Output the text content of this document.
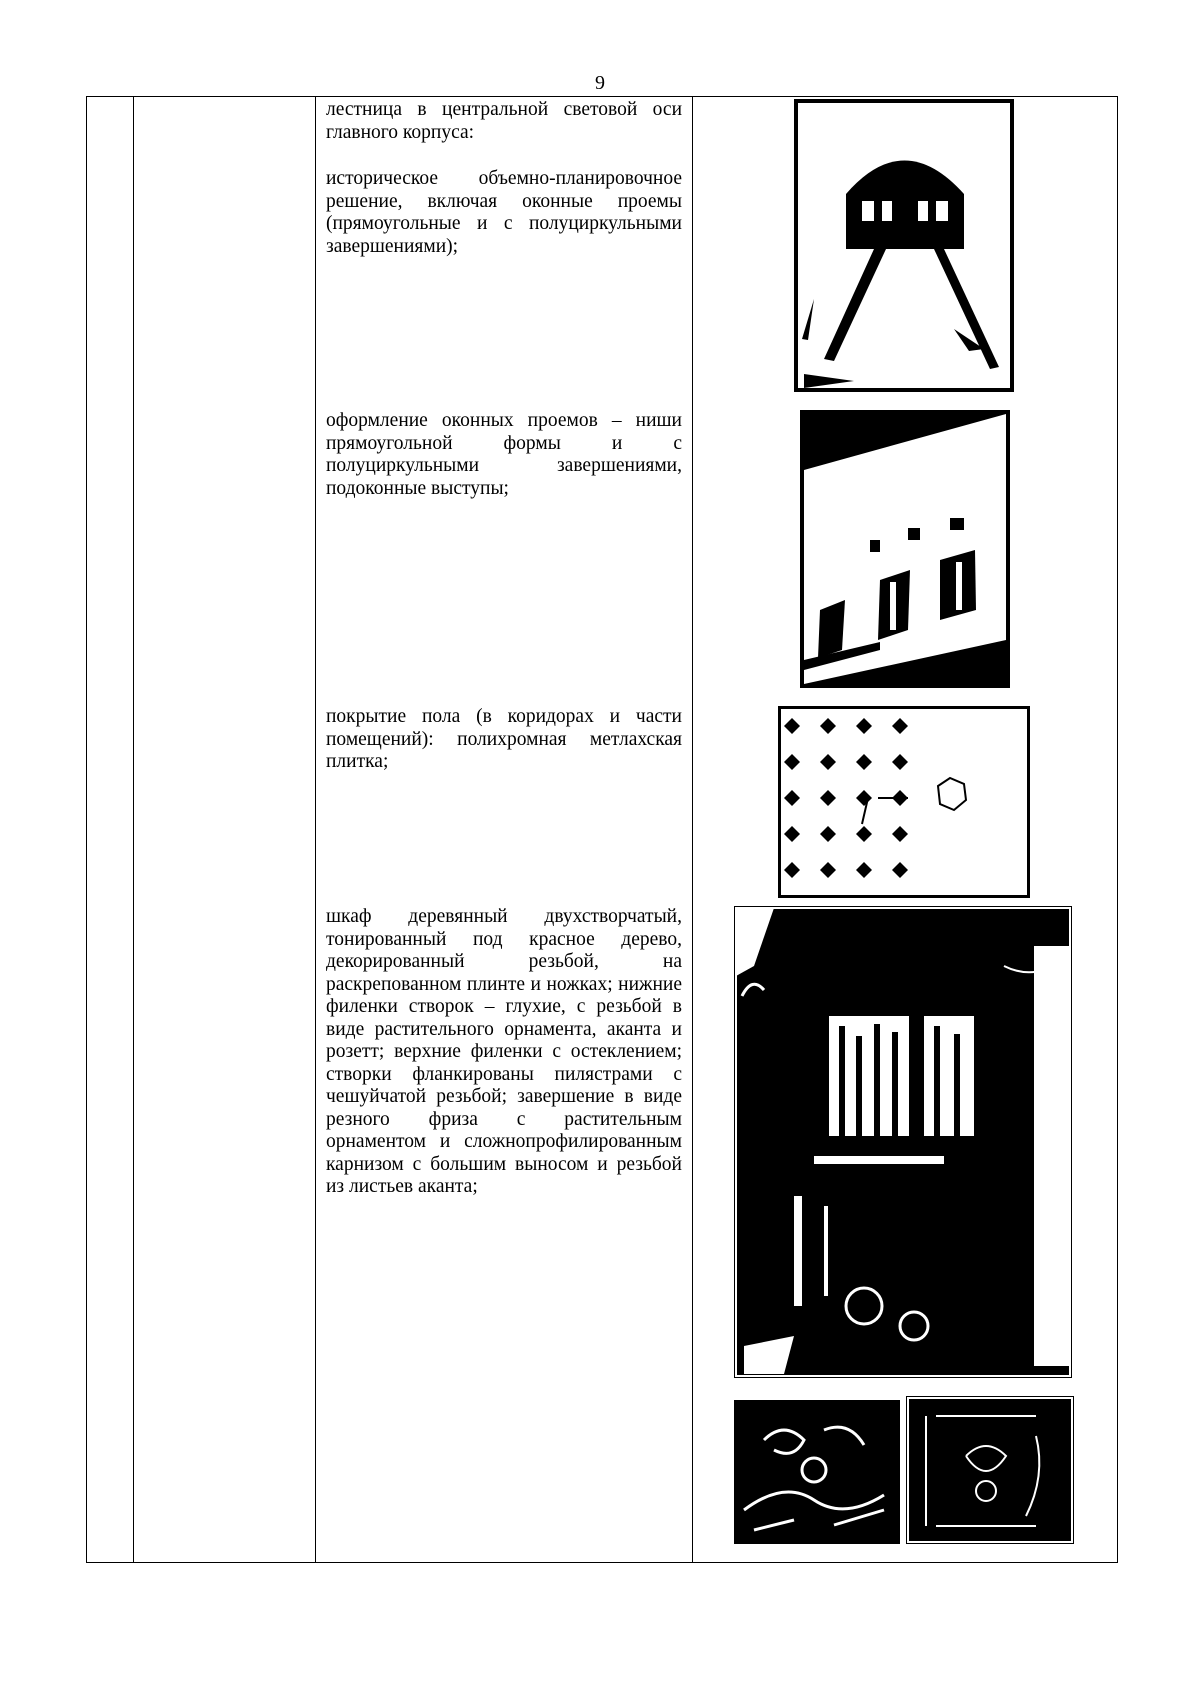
9
лестница в центральной световой оси главного корпуса:
историческое объемно-планировочное решение, включая оконные проемы (прямоугольные и с полуциркульными завершениями);
оформление оконных проемов – ниши прямоугольной формы и с полуциркульными завершениями, подоконные выступы;
покрытие пола (в коридорах и части помещений): полихромная метлахская плитка;
шкаф деревянный двухстворчатый, тонированный под красное дерево, декорированный резьбой, на раскрепованном плинте и ножках; нижние филенки створок – глухие, с резьбой в виде растительного орнамента, аканта и розетт; верхние филенки с остеклением; створки фланкированы пилястрами с чешуйчатой резьбой; завершение в виде резного фриза с растительным орнаментом и сложнопрофилированным карнизом с большим выносом и резьбой из листьев аканта;
